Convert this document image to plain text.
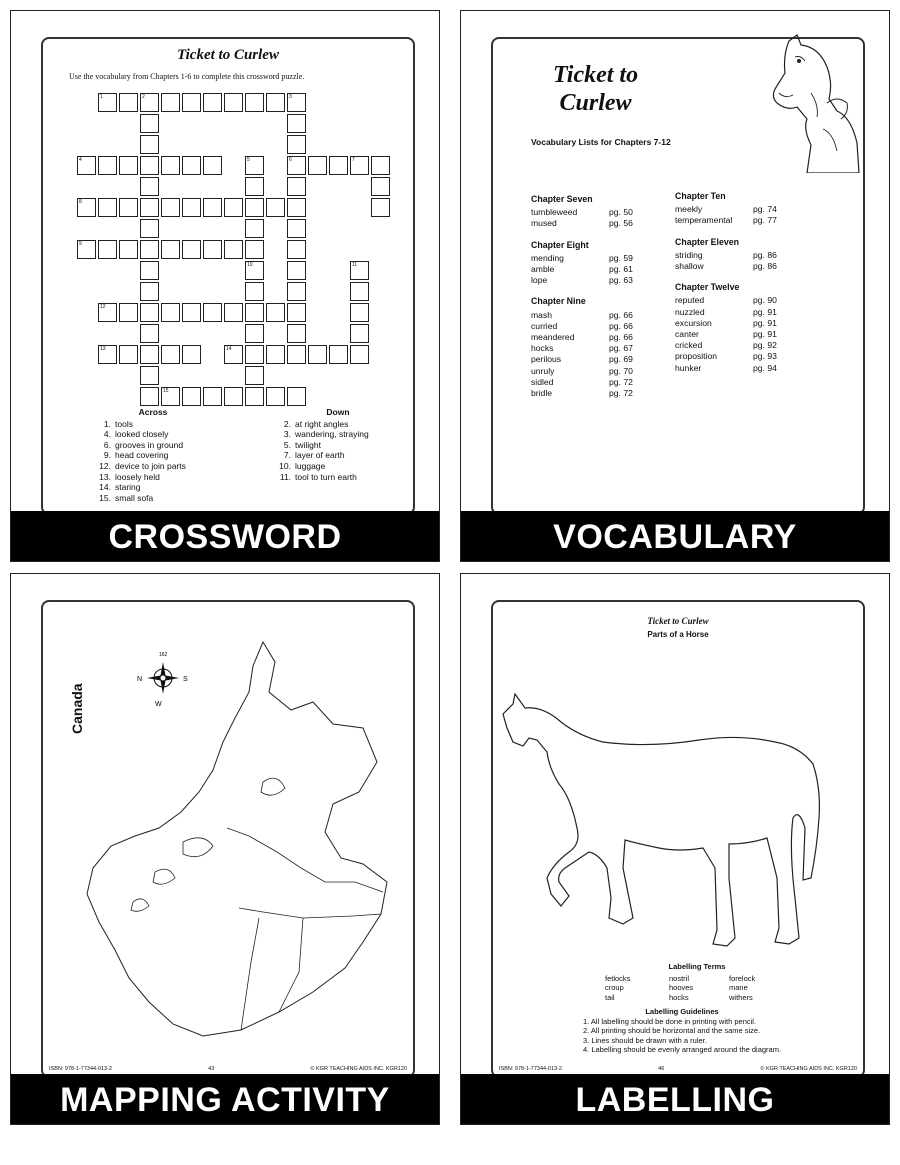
Ticket to Curlew
Use the vocabulary from Chapters 1-6 to complete this crossword puzzle.
1	2	3
4	5	6	7
8
9
10	11
12
13	14
15
Across
1. tools
4. looked closely
6. grooves in ground
9. head covering
12. device to join parts
13. loosely held
14. staring
15. small sofa
Down
2. at right angles
3. wandering, straying
5. twilight
7. layer of earth
10. luggage
11. tool to turn earth
CROSSWORD
Ticket to
Curlew
Vocabulary Lists for Chapters 7-12
Chapter Seven
tumbleweed	pg. 50
mused	pg. 56
Chapter Eight
mending	pg. 59
amble	pg. 61
lope	pg. 63
Chapter Nine
mash	pg. 66
curried	pg. 66
meandered	pg. 66
hocks	pg. 67
perilous	pg. 69
unruly	pg. 70
sidled	pg. 72
bridle	pg. 72
Chapter Ten
meekly	pg. 74
temperamental	pg. 77
Chapter Eleven
striding	pg. 86
shallow	pg. 86
Chapter Twelve
reputed	pg. 90
nuzzled	pg. 91
excursion	pg. 91
canter	pg. 91
cricked	pg. 92
proposition	pg. 93
hunker	pg. 94
VOCABULARY
162
N	S
W
Canada
ISBN: 978-1-77344-013-2	43	© KGR TEACHING AIDS INC. KGR120
MAPPING ACTIVITY
Ticket to Curlew
Parts of a Horse
Labelling Terms
fetlocks	nostril	forelock
croup	hooves	mane
tail	hocks	withers
Labelling Guidelines
1. All labelling should be done in printing with pencil.
2. All printing should be horizontal and the same size.
3. Lines should be drawn with a ruler.
4. Labelling should be evenly arranged around the diagram.
ISBN: 978-1-77344-013-2	46	© KGR TEACHING AIDS INC. KGR120
LABELLING
